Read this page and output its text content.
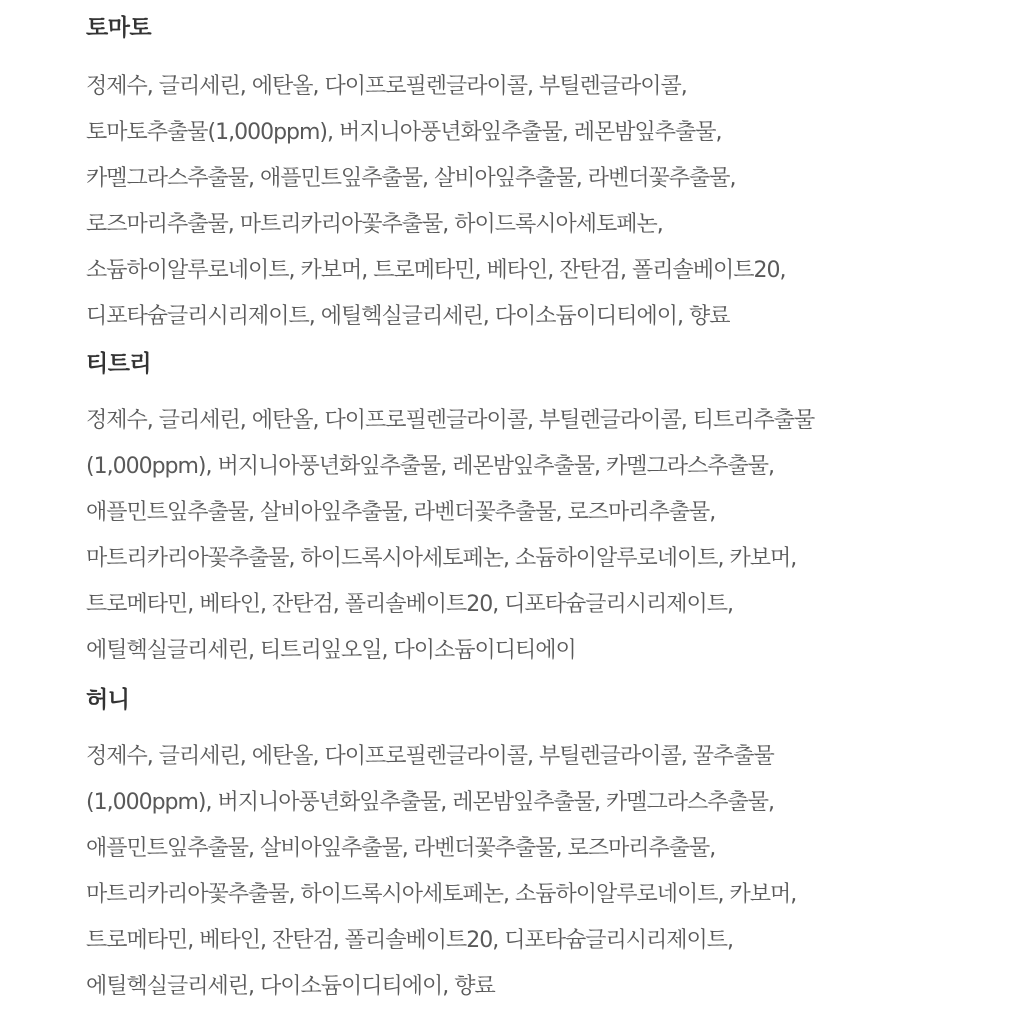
토마토
정제수, 글리세린, 에탄올, 다이프로필렌글라이콜, 부틸렌글라이콜,
토마토추출물(1,000ppm), 버지니아풍년화잎추출물, 레몬밤잎추출물,
카멜그라스추출물, 애플민트잎추출물, 살비아잎추출물, 라벤더꽃추출물,
로즈마리추출물, 마트리카리아꽃추출물, 하이드록시아세토페논,
소듐하이알루로네이트, 카보머, 트로메타민, 베타인, 잔탄검, 폴리솔베이트20,
디포타슘글리시리제이트, 에틸헥실글리세린, 다이소듐이디티에이, 향료
티트리
정제수, 글리세린, 에탄올, 다이프로필렌글라이콜, 부틸렌글라이콜, 티트리추출물
(1,000ppm), 버지니아풍년화잎추출물, 레몬밤잎추출물, 카멜그라스추출물,
애플민트잎추출물, 살비아잎추출물, 라벤더꽃추출물, 로즈마리추출물,
마트리카리아꽃추출물, 하이드록시아세토페논, 소듐하이알루로네이트, 카보머,
트로메타민, 베타인, 잔탄검, 폴리솔베이트20, 디포타슘글리시리제이트,
에틸헥실글리세린, 티트리잎오일, 다이소듐이디티에이
허니
정제수, 글리세린, 에탄올, 다이프로필렌글라이콜, 부틸렌글라이콜, 꿀추출물
(1,000ppm), 버지니아풍년화잎추출물, 레몬밤잎추출물, 카멜그라스추출물,
애플민트잎추출물, 살비아잎추출물, 라벤더꽃추출물, 로즈마리추출물,
마트리카리아꽃추출물, 하이드록시아세토페논, 소듐하이알루로네이트, 카보머,
트로메타민, 베타인, 잔탄검, 폴리솔베이트20, 디포타슘글리시리제이트,
에틸헥실글리세린, 다이소듐이디티에이, 향료
